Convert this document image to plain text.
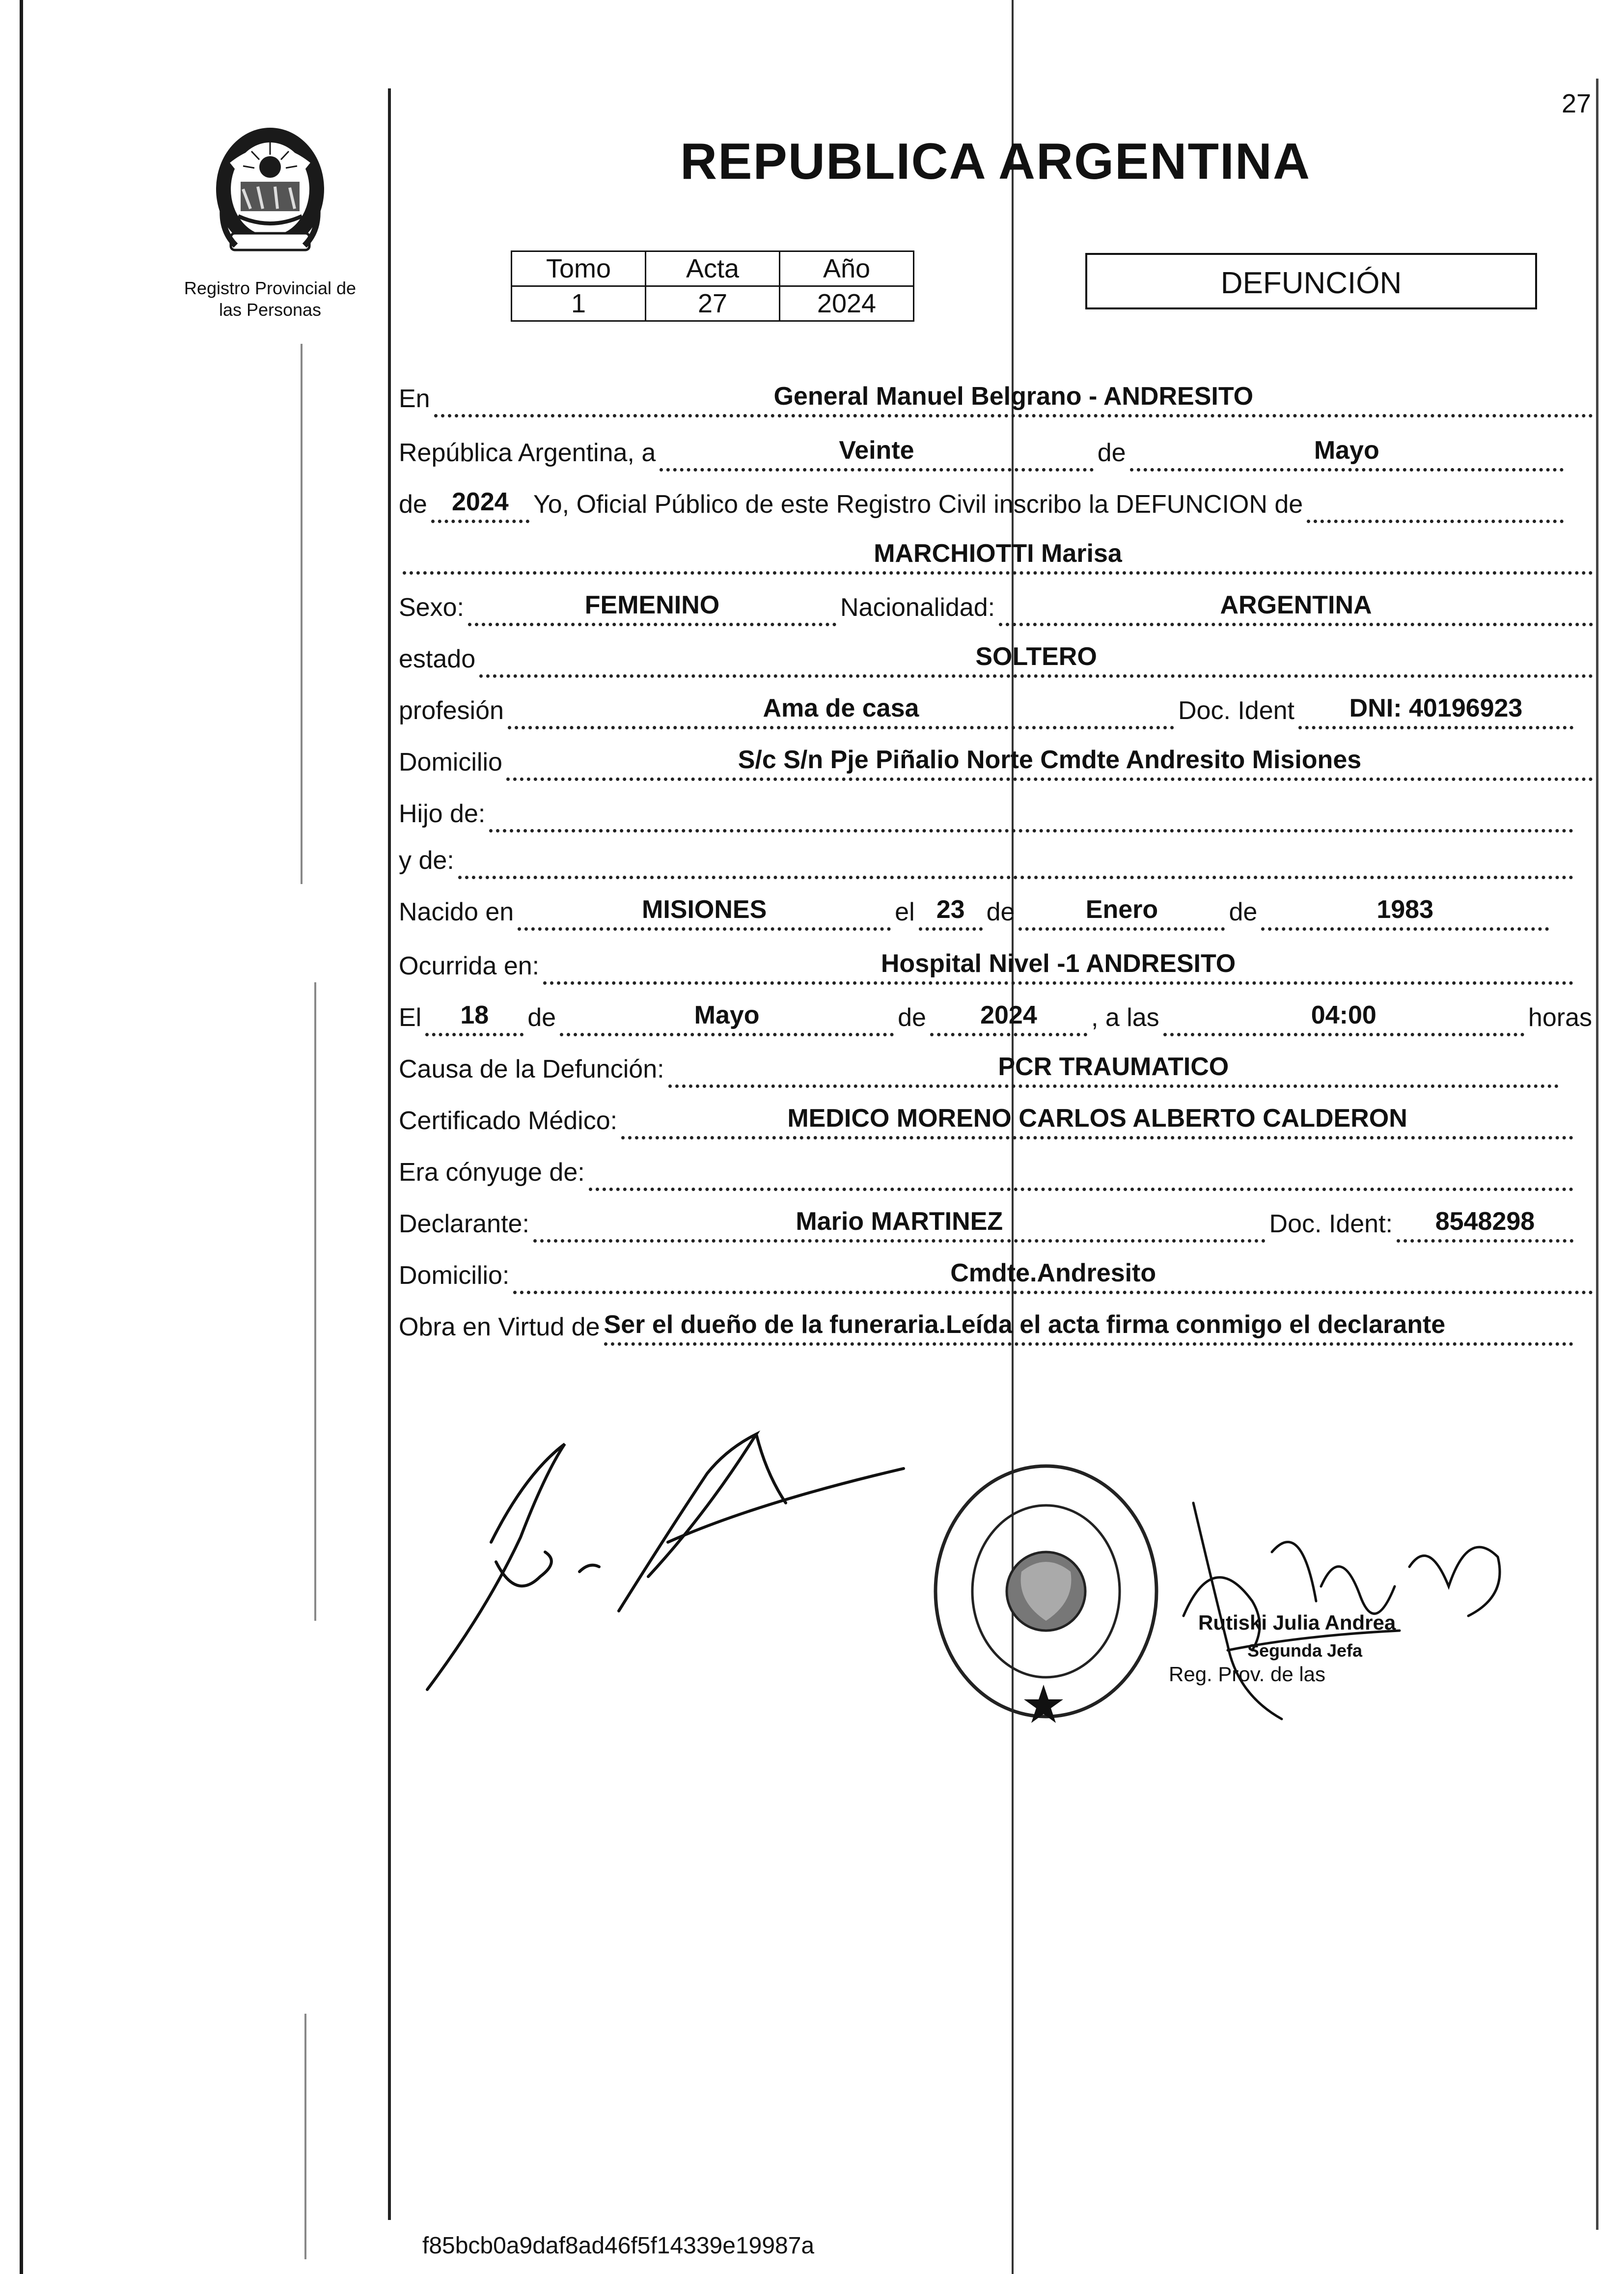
27
REPUBLICA ARGENTINA
Registro Provincial de
las Personas
Tomo	Acta	Año
1	27	2024
DEFUNCIÓN
En	General Manuel Belgrano - ANDRESITO
República Argentina, a	Veinte	de	Mayo
de 2024 Yo, Oficial Público de este Registro Civil inscribo la DEFUNCION de
MARCHIOTTI Marisa
Sexo:	FEMENINO	Nacionalidad:	ARGENTINA
estado	SOLTERO
profesión	Ama de casa	Doc. Ident	DNI: 40196923
Domicilio	S/c S/n Pje Piñalio Norte Cmdte Andresito Misiones
Hijo de:
y de:
Nacido en	MISIONES	el 23 de	Enero	de	1983
Ocurrida en:	Hospital Nivel -1 ANDRESITO
El	18	de	Mayo	de	2024	, a las	04:00	horas
Causa de la Defunción:	PCR TRAUMATICO
Certificado Médico:	MEDICO MORENO CARLOS ALBERTO CALDERON
Era cónyuge de:
Declarante:	Mario MARTINEZ	Doc. Ident:	8548298
Domicilio:	Cmdte.Andresito
Obra en Virtud de Ser el dueño de la funeraria.Leída el acta firma conmigo el declarante
Rutiski Julia Andrea
Segunda Jefa
Reg. Prov. de las
f85bcb0a9daf8ad46f5f14339e19987a
